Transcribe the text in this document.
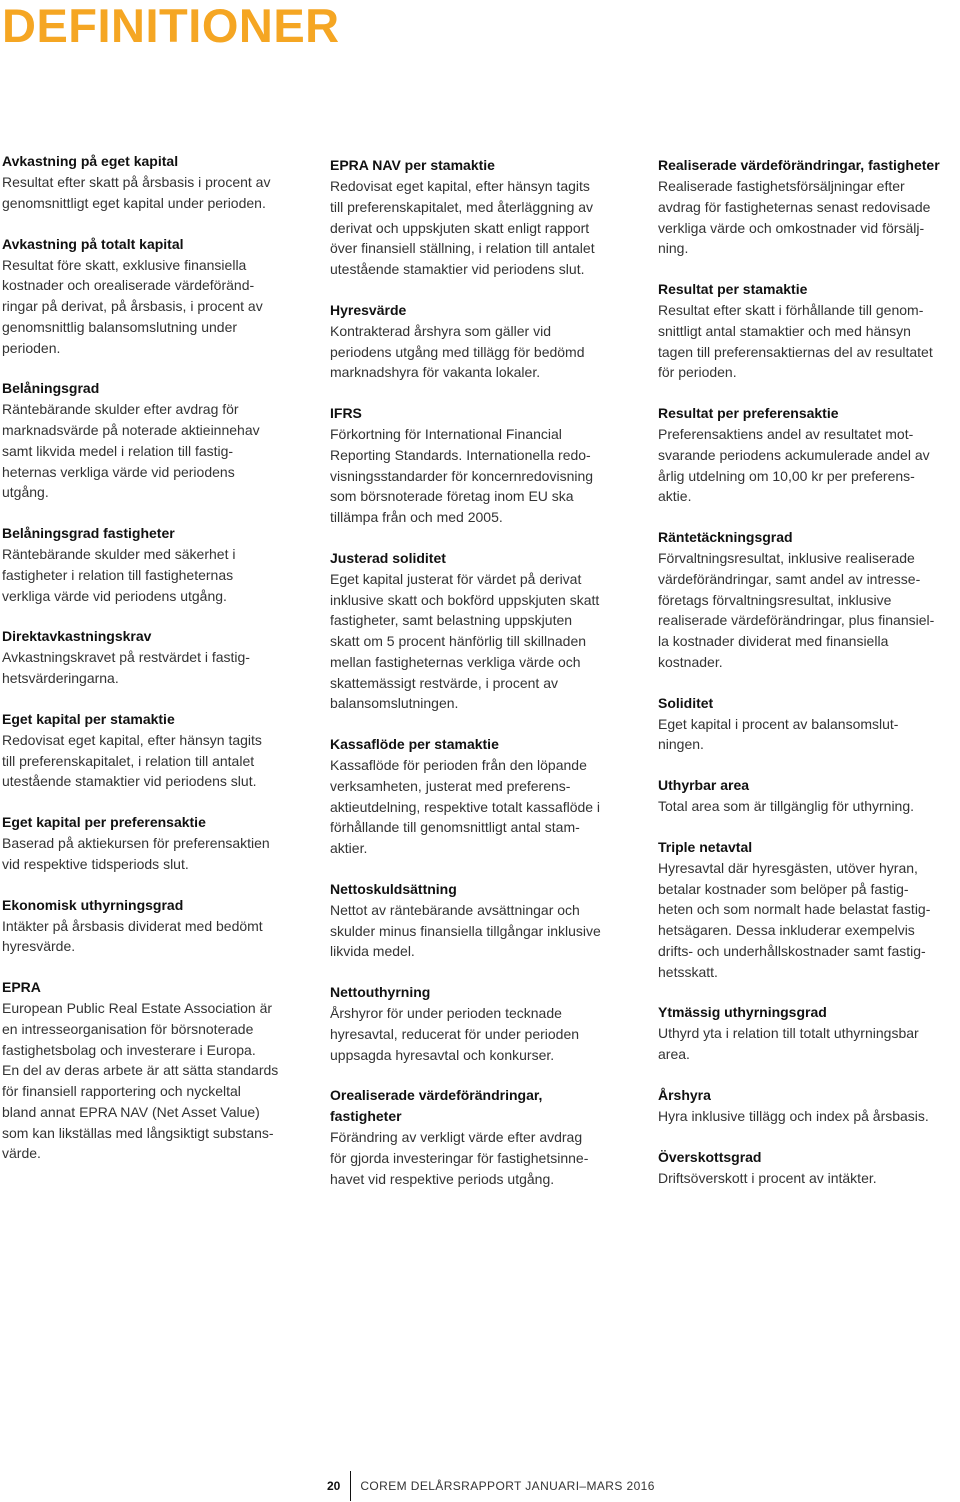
DEFINITIONER

Avkastning på eget kapital

Resultat efter skatt på årsbasis i procent av
genomsnittligt eget kapital under perioden.

Avkastning på totalt kapital

Resultat före skatt, exklusive finansiella
kostnader och orealiserade värdeföränd-
ringar på derivat, på årsbasis, i procent av
genomsnittlig balansomslutning under
perioden.

Belåningsgrad

Räntebärande skulder efter avdrag för
marknadsvärde på noterade aktieinnehav
samt likvida medel i relation till fastig-
heternas verkliga värde vid periodens
utgång.

Belåningsgrad fastigheter

Räntebärande skulder med säkerhet i
fastigheter i relation till fastigheternas
verkliga värde vid periodens utgång.

Direktavkastningskrav

Avkastningskravet på restvärdet i fastig-
hetsvärderingarna.

Eget kapital per stamaktie

Redovisat eget kapital, efter hänsyn tagits
till preferenskapitalet, i relation till antalet
utestående stamaktier vid periodens slut.

Eget kapital per preferensaktie

Baserad på aktiekursen för preferensaktien
vid respektive tidsperiods slut.

Ekonomisk uthyrningsgrad

Intäkter på årsbasis dividerat med bedömt
hyresvärde.

EPRA

European Public Real Estate Association är
en intresseorganisation för börsnoterade
fastighetsbolag och investerare i Europa.
En del av deras arbete är att sätta standards
för finansiell rapportering och nyckeltal
bland annat EPRA NAV (Net Asset Value)
som kan likställas med långsiktigt substans-
värde.

EPRA NAV per stamaktie

Redovisat eget kapital, efter hänsyn tagits
till preferenskapitalet, med återläggning av
derivat och uppskjuten skatt enligt rapport
över finansiell ställning, i relation till antalet
utestående stamaktier vid periodens slut.

Hyresvärde

Kontrakterad årshyra som gäller vid
periodens utgång med tillägg för bedömd
marknadshyra för vakanta lokaler.

IFRS

Förkortning för International Financial
Reporting Standards. Internationella redo-
visningsstandarder för koncernredovisning
som börsnoterade företag inom EU ska
tillämpa från och med 2005.

Justerad soliditet

Eget kapital justerat för värdet på derivat
inklusive skatt och bokförd uppskjuten skatt
fastigheter, samt belastning uppskjuten
skatt om 5 procent hänförlig till skillnaden
mellan fastigheternas verkliga värde och
skattemässigt restvärde, i procent av
balansomslutningen.

Kassaflöde per stamaktie

Kassaflöde för perioden från den löpande
verksamheten, justerat med preferens-
aktieutdelning, respektive totalt kassaflöde i
förhållande till genomsnittligt antal stam-
aktier.

Nettoskuldsättning

Nettot av räntebärande avsättningar och
skulder minus finansiella tillgångar inklusive
likvida medel.

Nettouthyrning

Årshyror för under perioden tecknade
hyresavtal, reducerat för under perioden
uppsagda hyresavtal och konkurser.

Orealiserade värdeförändringar,
fastigheter

Förändring av verkligt värde efter avdrag
för gjorda investeringar för fastighetsinne-
havet vid respektive periods utgång.

Realiserade värdeförändringar, fastigheter

Realiserade fastighetsförsäljningar efter
avdrag för fastigheternas senast redovisade
verkliga värde och omkostnader vid försälj-
ning.

Resultat per stamaktie

Resultat efter skatt i förhållande till genom-
snittligt antal stamaktier och med hänsyn
tagen till preferensaktiernas del av resultatet
för perioden.

Resultat per preferensaktie

Preferensaktiens andel av resultatet mot-
svarande periodens ackumulerade andel av
årlig utdelning om 10,00 kr per preferens-
aktie.

Räntetäckningsgrad

Förvaltningsresultat, inklusive realiserade
värdeförändringar, samt andel av intresse-
företags förvaltningsresultat, inklusive
realiserade värdeförändringar, plus finansiel-
la kostnader dividerat med finansiella
kostnader.

Soliditet

Eget kapital i procent av balansomslut-
ningen.

Uthyrbar area

Total area som är tillgänglig för uthyrning.

Triple netavtal

Hyresavtal där hyresgästen, utöver hyran,
betalar kostnader som belöper på fastig-
heten och som normalt hade belastat fastig-
hetsägaren. Dessa inkluderar exempelvis
drifts- och underhållskostnader samt fastig-
hetsskatt.

Ytmässig uthyrningsgrad

Uthyrd yta i relation till totalt uthyrningsbar
area.

Årshyra

Hyra inklusive tillägg och index på årsbasis.

Överskottsgrad

Driftsöverskott i procent av intäkter.

20	COREM DELÅRSRAPPORT JANUARI–MARS 2016
